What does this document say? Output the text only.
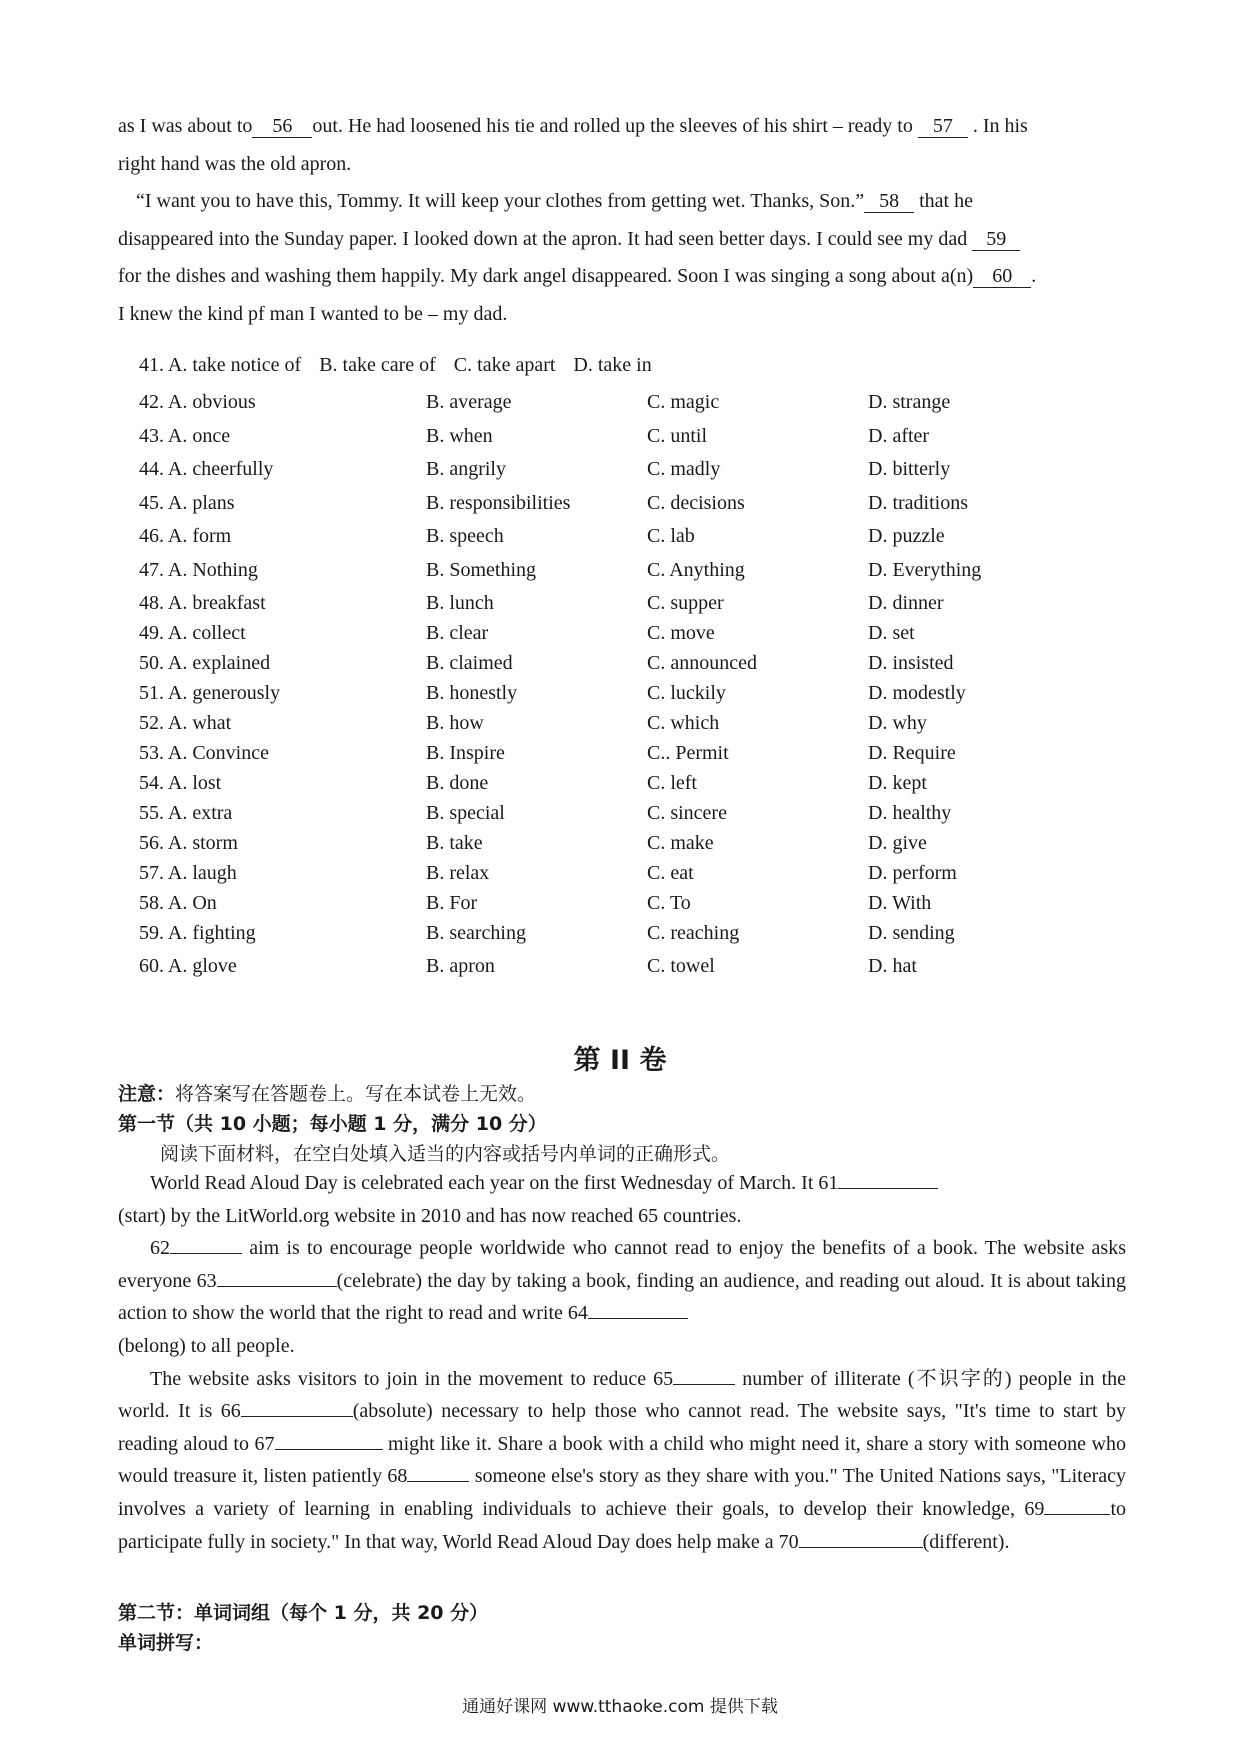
as I was about to 56 out. He had loosened his tie and rolled up the sleeves of his shirt – ready to 57 . In his
right hand was the old apron.
“I want you to have this, Tommy. It will keep your clothes from getting wet. Thanks, Son.” 58 that he
disappeared into the Sunday paper. I looked down at the apron. It had seen better days. I could see my dad 59
for the dishes and washing them happily. My dark angel disappeared. Soon I was singing a song about a(n) 60 .
I knew the kind pf man I wanted to be – my dad.
41. A. take notice of B. take care of C. take apart D. take in
42. A. obvious	B. average	C. magic	D. strange
43. A. once	B. when	C. until	D. after
44. A. cheerfully	B. angrily	C. madly	D. bitterly
45. A. plans	B. responsibilities	C. decisions	D. traditions
46. A. form	B. speech	C. lab	D. puzzle
47. A. Nothing	B. Something	C. Anything	D. Everything
48. A. breakfast	B. lunch	C. supper	D. dinner
49. A. collect	B. clear	C. move	D. set
50. A. explained	B. claimed	C. announced	D. insisted
51. A. generously	B. honestly	C. luckily	D. modestly
52. A. what	B. how	C. which	D. why
53. A. Convince	B. Inspire	C.. Permit	D. Require
54. A. lost	B. done	C. left	D. kept
55. A. extra	B. special	C. sincere	D. healthy
56. A. storm	B. take	C. make	D. give
57. A. laugh	B. relax	C. eat	D. perform
58. A. On	B. For	C. To	D. With
59. A. fighting	B. searching	C. reaching	D. sending
60. A. glove	B. apron	C. towel	D. hat
第 II 卷
注意：将答案写在答题卷上。写在本试卷上无效。
第一节（共 10 小题；每小题 1 分，满分 10 分）
阅读下面材料，在空白处填入适当的内容或括号内单词的正确形式。
World Read Aloud Day is celebrated each year on the first Wednesday of March. It 61
(start) by the LitWorld.org website in 2010 and has now reached 65 countries.
62	aim is to encourage people worldwide who cannot read to enjoy the benefits of a book. The website asks everyone 63	(celebrate) the day by taking a book, finding an audience, and reading out aloud. It is about taking action to show the world that the right to read and write 64
(belong) to all people.
The website asks visitors to join in the movement to reduce 65	number of illiterate (不识字的) people in the world. It is 66	(absolute) necessary to help those who cannot read. The website says, "It's time to start by reading aloud to 67	might like it. Share a book with a child who might need it, share a story with someone who would treasure it, listen patiently 68	someone else's story as they share with you." The United Nations says, "Literacy involves a variety of learning in enabling individuals to achieve their goals, to develop their knowledge, 69	to participate fully in society." In that way, World Read Aloud Day does help make a 70	(different).
第二节：单词词组（每个 1 分，共 20 分）
单词拼写：
通通好课网 www.tthaoke.com 提供下载
